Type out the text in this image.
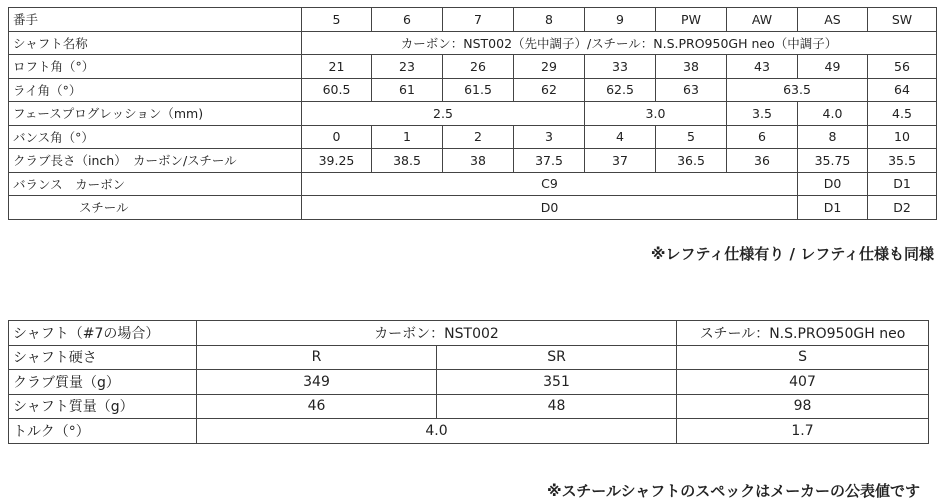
番手	5	6	7	8	9	PW	AW	AS	SW
シャフト名称	カーボン：NST002（先中調子）/スチール：N.S.PRO950GH neo（中調子）								
ロフト角（°）	21	23	26	29	33	38	43	49	56
ライ角（°）	60.5	61	61.5	62	62.5	63	63.5		64
フェースプログレッション（mm)	2.5				3.0		3.5	4.0	4.5
バンス角（°）	0	1	2	3	4	5	6	8	10
クラブ長さ（inch）　カーボン/スチール	39.25	38.5	38	37.5	37	36.5	36	35.75	35.5
バランス　カーボン	C9							D0	D1
スチール	D0							D1	D2
※レフティ仕様有り / レフティ仕様も同様
シャフト（#7の場合）	カーボン：NST002		スチール：N.S.PRO950GH neo
シャフト硬さ	R	SR	S
クラブ質量（g）	349	351	407
シャフト質量（g）	46	48	98
トルク（°）	4.0		1.7
※スチールシャフトのスペックはメーカーの公表値です
